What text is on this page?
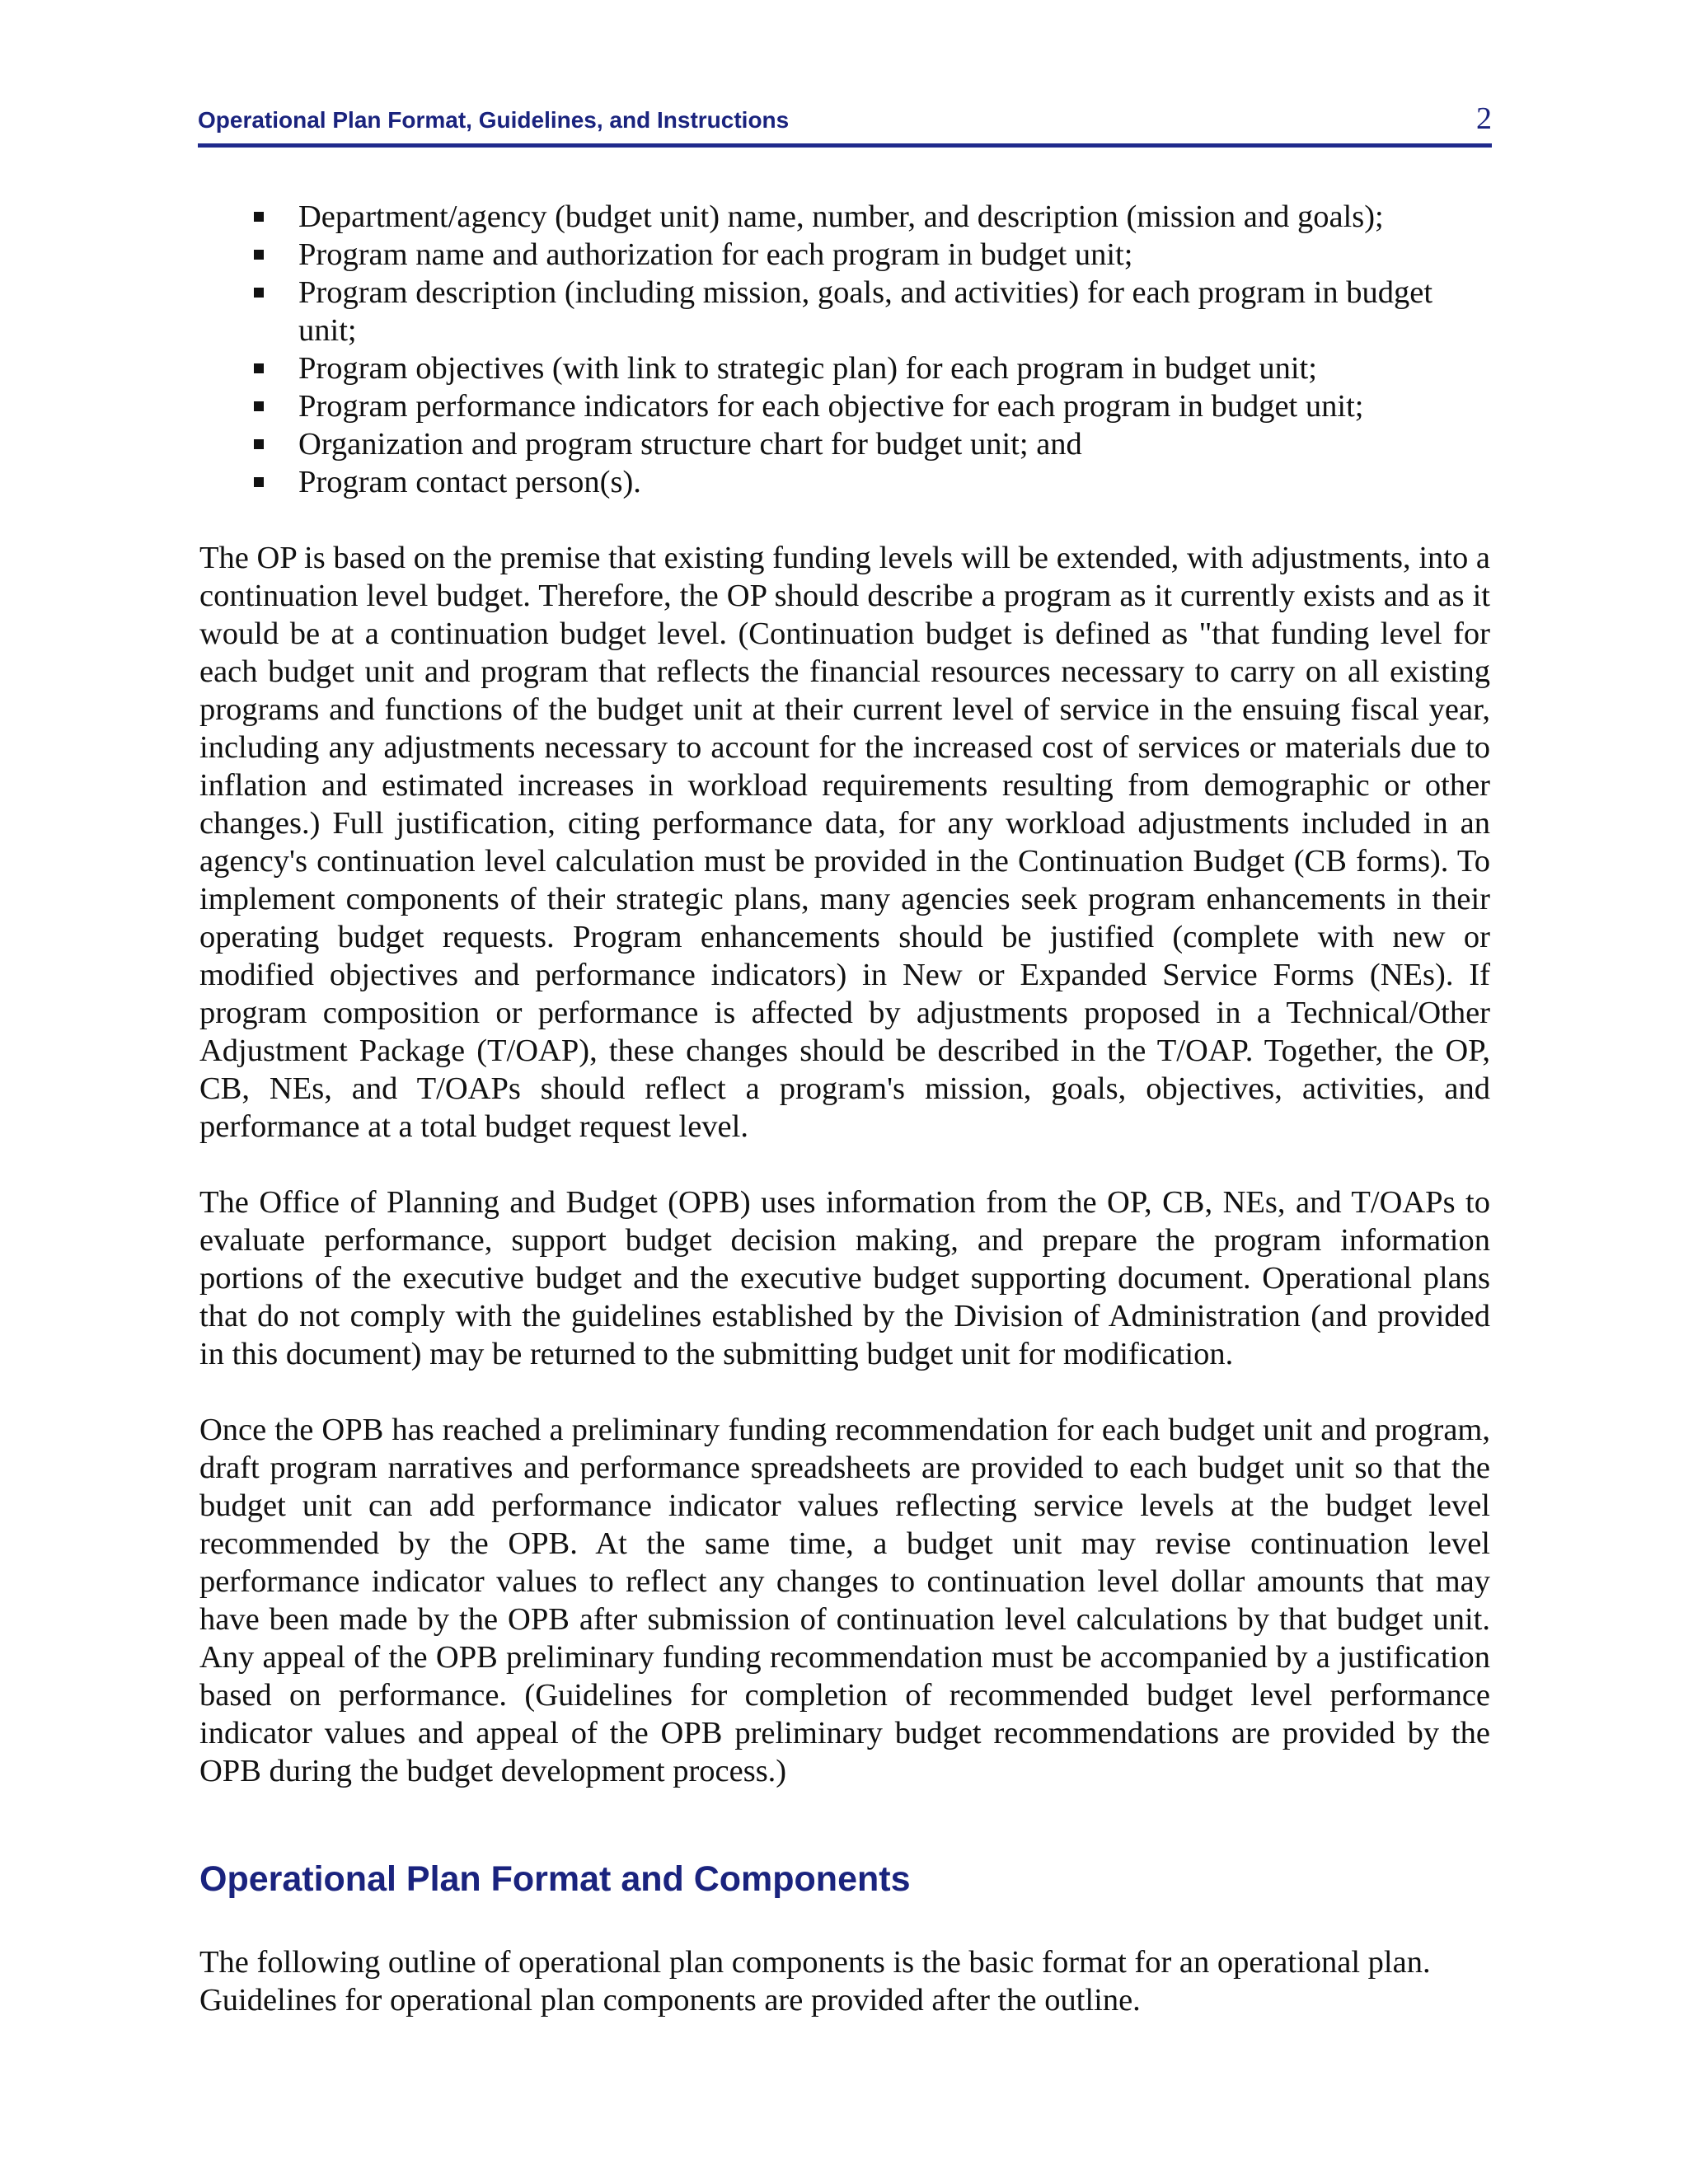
Operational Plan Format, Guidelines, and Instructions	2
Department/agency (budget unit) name, number, and description (mission and goals);
Program name and authorization for each program in budget unit;
Program description (including mission, goals, and activities) for each program in budget unit;
Program objectives (with link to strategic plan) for each program in budget unit;
Program performance indicators for each objective for each program in budget unit;
Organization and program structure chart for budget unit; and
Program contact person(s).

The OP is based on the premise that existing funding levels will be extended, with adjustments, into a continuation level budget. Therefore, the OP should describe a program as it currently exists and as it would be at a continuation budget level. (Continuation budget is defined as "that funding level for each budget unit and program that reflects the financial resources necessary to carry on all existing programs and functions of the budget unit at their current level of service in the ensuing fiscal year, including any adjustments necessary to account for the increased cost of services or materials due to inflation and estimated increases in workload requirements resulting from demographic or other changes.) Full justification, citing performance data, for any workload adjustments included in an agency's continuation level calculation must be provided in the Continuation Budget (CB forms). To implement components of their strategic plans, many agencies seek program enhancements in their operating budget requests. Program enhancements should be justified (complete with new or modified objectives and performance indicators) in New or Expanded Service Forms (NEs). If program composition or performance is affected by adjustments proposed in a Technical/Other Adjustment Package (T/OAP), these changes should be described in the T/OAP. Together, the OP, CB, NEs, and T/OAPs should reflect a program's mission, goals, objectives, activities, and performance at a total budget request level.

The Office of Planning and Budget (OPB) uses information from the OP, CB, NEs, and T/OAPs to evaluate performance, support budget decision making, and prepare the program information portions of the executive budget and the executive budget supporting document. Operational plans that do not comply with the guidelines established by the Division of Administration (and provided in this document) may be returned to the submitting budget unit for modification.

Once the OPB has reached a preliminary funding recommendation for each budget unit and program, draft program narratives and performance spreadsheets are provided to each budget unit so that the budget unit can add performance indicator values reflecting service levels at the budget level recommended by the OPB. At the same time, a budget unit may revise continuation level performance indicator values to reflect any changes to continuation level dollar amounts that may have been made by the OPB after submission of continuation level calculations by that budget unit. Any appeal of the OPB preliminary funding recommendation must be accompanied by a justification based on performance. (Guidelines for completion of recommended budget level performance indicator values and appeal of the OPB preliminary budget recommendations are provided by the OPB during the budget development process.)

Operational Plan Format and Components

The following outline of operational plan components is the basic format for an operational plan. Guidelines for operational plan components are provided after the outline.
